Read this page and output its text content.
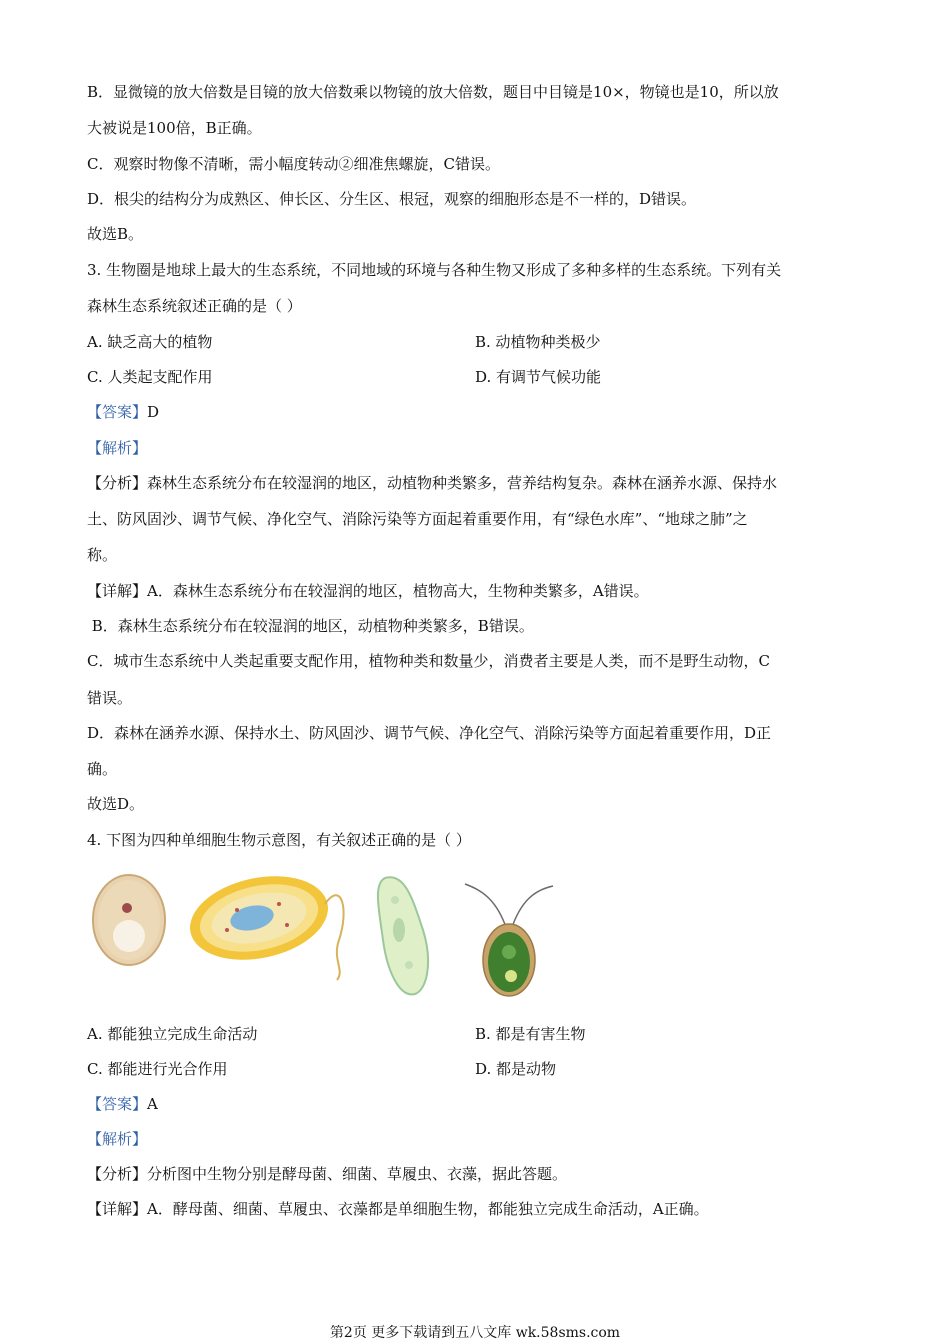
B．显微镜的放大倍数是目镜的放大倍数乘以物镜的放大倍数，题目中目镜是10×，物镜也是10，所以放
大被说是100倍，B正确。
C．观察时物像不清晰，需小幅度转动②细准焦螺旋，C错误。
D．根尖的结构分为成熟区、伸长区、分生区、根冠，观察的细胞形态是不一样的，D错误。
故选B。
3. 生物圈是地球上最大的生态系统，不同地域的环境与各种生物又形成了多种多样的生态系统。下列有关
森林生态系统叙述正确的是（ ）
A. 缺乏高大的植物	B. 动植物种类极少
C. 人类起支配作用	D. 有调节气候功能
【答案】D
【解析】
【分析】森林生态系统分布在较湿润的地区，动植物种类繁多，营养结构复杂。森林在涵养水源、保持水
土、防风固沙、调节气候、净化空气、消除污染等方面起着重要作用，有“绿色水库”、“地球之肺”之
称。
【详解】A．森林生态系统分布在较湿润的地区，植物高大，生物种类繁多，A错误。
B．森林生态系统分布在较湿润的地区，动植物种类繁多，B错误。
C．城市生态系统中人类起重要支配作用，植物种类和数量少，消费者主要是人类，而不是野生动物，C
错误。
D．森林在涵养水源、保持水土、防风固沙、调节气候、净化空气、消除污染等方面起着重要作用，D正
确。
故选D。
4. 下图为四种单细胞生物示意图，有关叙述正确的是（ ）
A. 都能独立完成生命活动	B. 都是有害生物
C. 都能进行光合作用	D. 都是动物
【答案】A
【解析】
【分析】分析图中生物分别是酵母菌、细菌、草履虫、衣藻，据此答题。
【详解】A．酵母菌、细菌、草履虫、衣藻都是单细胞生物，都能独立完成生命活动，A正确。
第2页 更多下载请到五八文库 wk.58sms.com
